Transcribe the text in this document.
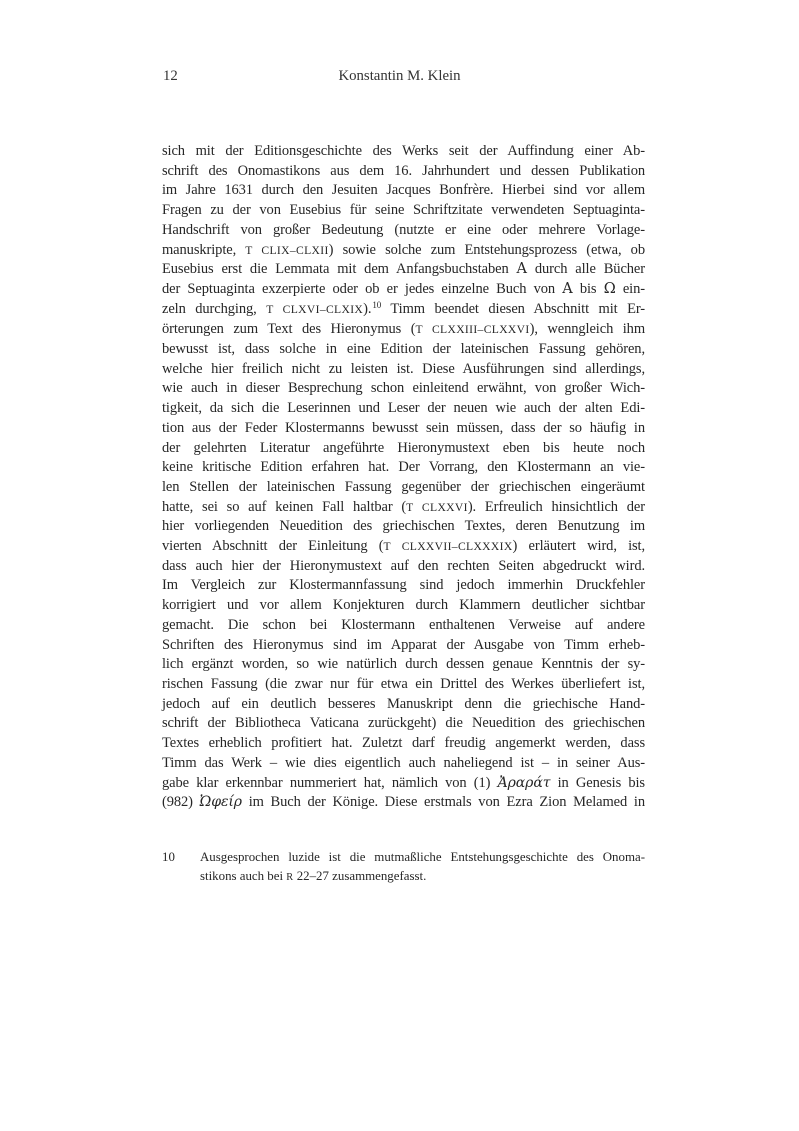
12	Konstantin M. Klein
sich mit der Editionsgeschichte des Werks seit der Auffindung einer Ab-
schrift des Onomastikons aus dem 16. Jahrhundert und dessen Publikation
im Jahre 1631 durch den Jesuiten Jacques Bonfrère. Hierbei sind vor allem
Fragen zu der von Eusebius für seine Schriftzitate verwendeten Septuaginta-
Handschrift von großer Bedeutung (nutzte er eine oder mehrere Vorlage-
manuskripte, T CLIX–CLXII) sowie solche zum Entstehungsprozess (etwa, ob
Eusebius erst die Lemmata mit dem Anfangsbuchstaben Α durch alle Bücher
der Septuaginta exzerpierte oder ob er jedes einzelne Buch von Α bis Ω ein-
zeln durchging, T CLXVI–CLXIX).$^{10}$ Timm beendet diesen Abschnitt mit Er-
örterungen zum Text des Hieronymus (T CLXXIII–CLXXVI), wenngleich ihm
bewusst ist, dass solche in eine Edition der lateinischen Fassung gehören,
welche hier freilich nicht zu leisten ist. Diese Ausführungen sind allerdings,
wie auch in dieser Besprechung schon einleitend erwähnt, von großer Wich-
tigkeit, da sich die Leserinnen und Leser der neuen wie auch der alten Edi-
tion aus der Feder Klostermanns bewusst sein müssen, dass der so häufig in
der gelehrten Literatur angeführte Hieronymustext eben bis heute noch
keine kritische Edition erfahren hat. Der Vorrang, den Klostermann an vie-
len Stellen der lateinischen Fassung gegenüber der griechischen eingeräumt
hatte, sei so auf keinen Fall haltbar (T CLXXVI). Erfreulich hinsichtlich der
hier vorliegenden Neuedition des griechischen Textes, deren Benutzung im
vierten Abschnitt der Einleitung (T CLXXVII–CLXXXIX) erläutert wird, ist,
dass auch hier der Hieronymustext auf den rechten Seiten abgedruckt wird.
Im Vergleich zur Klostermannfassung sind jedoch immerhin Druckfehler
korrigiert und vor allem Konjekturen durch Klammern deutlicher sichtbar
gemacht. Die schon bei Klostermann enthaltenen Verweise auf andere
Schriften des Hieronymus sind im Apparat der Ausgabe von Timm erheb-
lich ergänzt worden, so wie natürlich durch dessen genaue Kenntnis der sy-
rischen Fassung (die zwar nur für etwa ein Drittel des Werkes überliefert ist,
jedoch auf ein deutlich besseres Manuskript denn die griechische Hand-
schrift der Bibliotheca Vaticana zurückgeht) die Neuedition des griechischen
Textes erheblich profitiert hat. Zuletzt darf freudig angemerkt werden, dass
Timm das Werk – wie dies eigentlich auch naheliegend ist – in seiner Aus-
gabe klar erkennbar nummeriert hat, nämlich von (1) Ἀραράτ in Genesis bis
(982) Ὠφείρ im Buch der Könige. Diese erstmals von Ezra Zion Melamed in
10 Ausgesprochen luzide ist die mutmaßliche Entstehungsgeschichte des Onoma-
stikons auch bei R 22–27 zusammengefasst.
